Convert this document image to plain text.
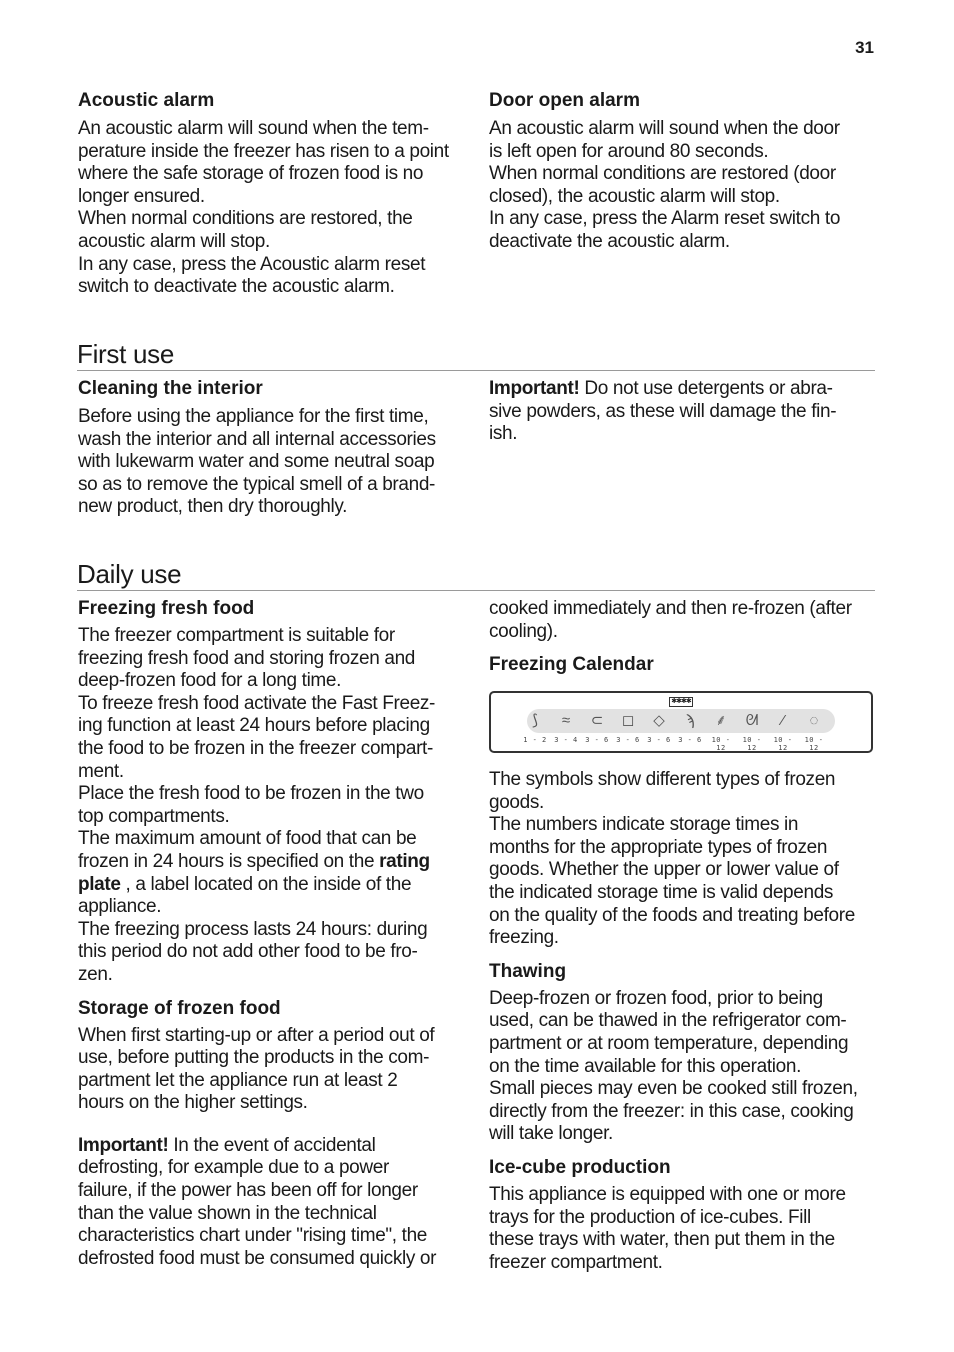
31
Acoustic alarm

An acoustic alarm will sound when the tem-
perature inside the freezer has risen to a point
where the safe storage of frozen food is no
longer ensured.
When normal conditions are restored, the
acoustic alarm will stop.
In any case, press the Acoustic alarm reset
switch to deactivate the acoustic alarm.

Door open alarm

An acoustic alarm will sound when the door
is left open for around 80 seconds.
When normal conditions are restored (door
closed), the acoustic alarm will stop.
In any case, press the Alarm reset switch to
deactivate the acoustic alarm.

First use
Cleaning the interior

Before using the appliance for the first time,
wash the interior and all internal accessories
with lukewarm water and some neutral soap
so as to remove the typical smell of a brand-
new product, then dry thoroughly.

Important! Do not use detergents or abra-
sive powders, as these will damage the fin-
ish.

Daily use
Freezing fresh food

The freezer compartment is suitable for
freezing fresh food and storing frozen and
deep-frozen food for a long time.
To freeze fresh food activate the Fast Freez-
ing function at least 24 hours before placing
the food to be frozen in the freezer compart-
ment.
Place the fresh food to be frozen in the two
top compartments.
The maximum amount of food that can be
frozen in 24 hours is specified on the rating
plate , a label located on the inside of the
appliance.
The freezing process lasts 24 hours: during
this period do not add other food to be fro-
zen.

Storage of frozen food

When first starting-up or after a period out of
use, before putting the products in the com-
partment let the appliance run at least 2
hours on the higher settings.

Important! In the event of accidental
defrosting, for example due to a power
failure, if the power has been off for longer
than the value shown in the technical
characteristics chart under "rising time", the
defrosted food must be consumed quickly or

cooked immediately and then re-frozen (after
cooling).

Freezing Calendar
✱✱✱✱
⟆
1 - 2
≈
3 - 4
⊂
3 - 6
◻
3 - 6
◇
3 - 6
ϡ
3 - 6
⸙
10 - 12
ᘛ
10 - 12
⁄
10 - 12
◌
10 - 12

The symbols show different types of frozen
goods.
The numbers indicate storage times in
months for the appropriate types of frozen
goods. Whether the upper or lower value of
the indicated storage time is valid depends
on the quality of the foods and treating before
freezing.

Thawing

Deep-frozen or frozen food, prior to being
used, can be thawed in the refrigerator com-
partment or at room temperature, depending
on the time available for this operation.
Small pieces may even be cooked still frozen,
directly from the freezer: in this case, cooking
will take longer.

Ice-cube production

This appliance is equipped with one or more
trays for the production of ice-cubes. Fill
these trays with water, then put them in the
freezer compartment.
